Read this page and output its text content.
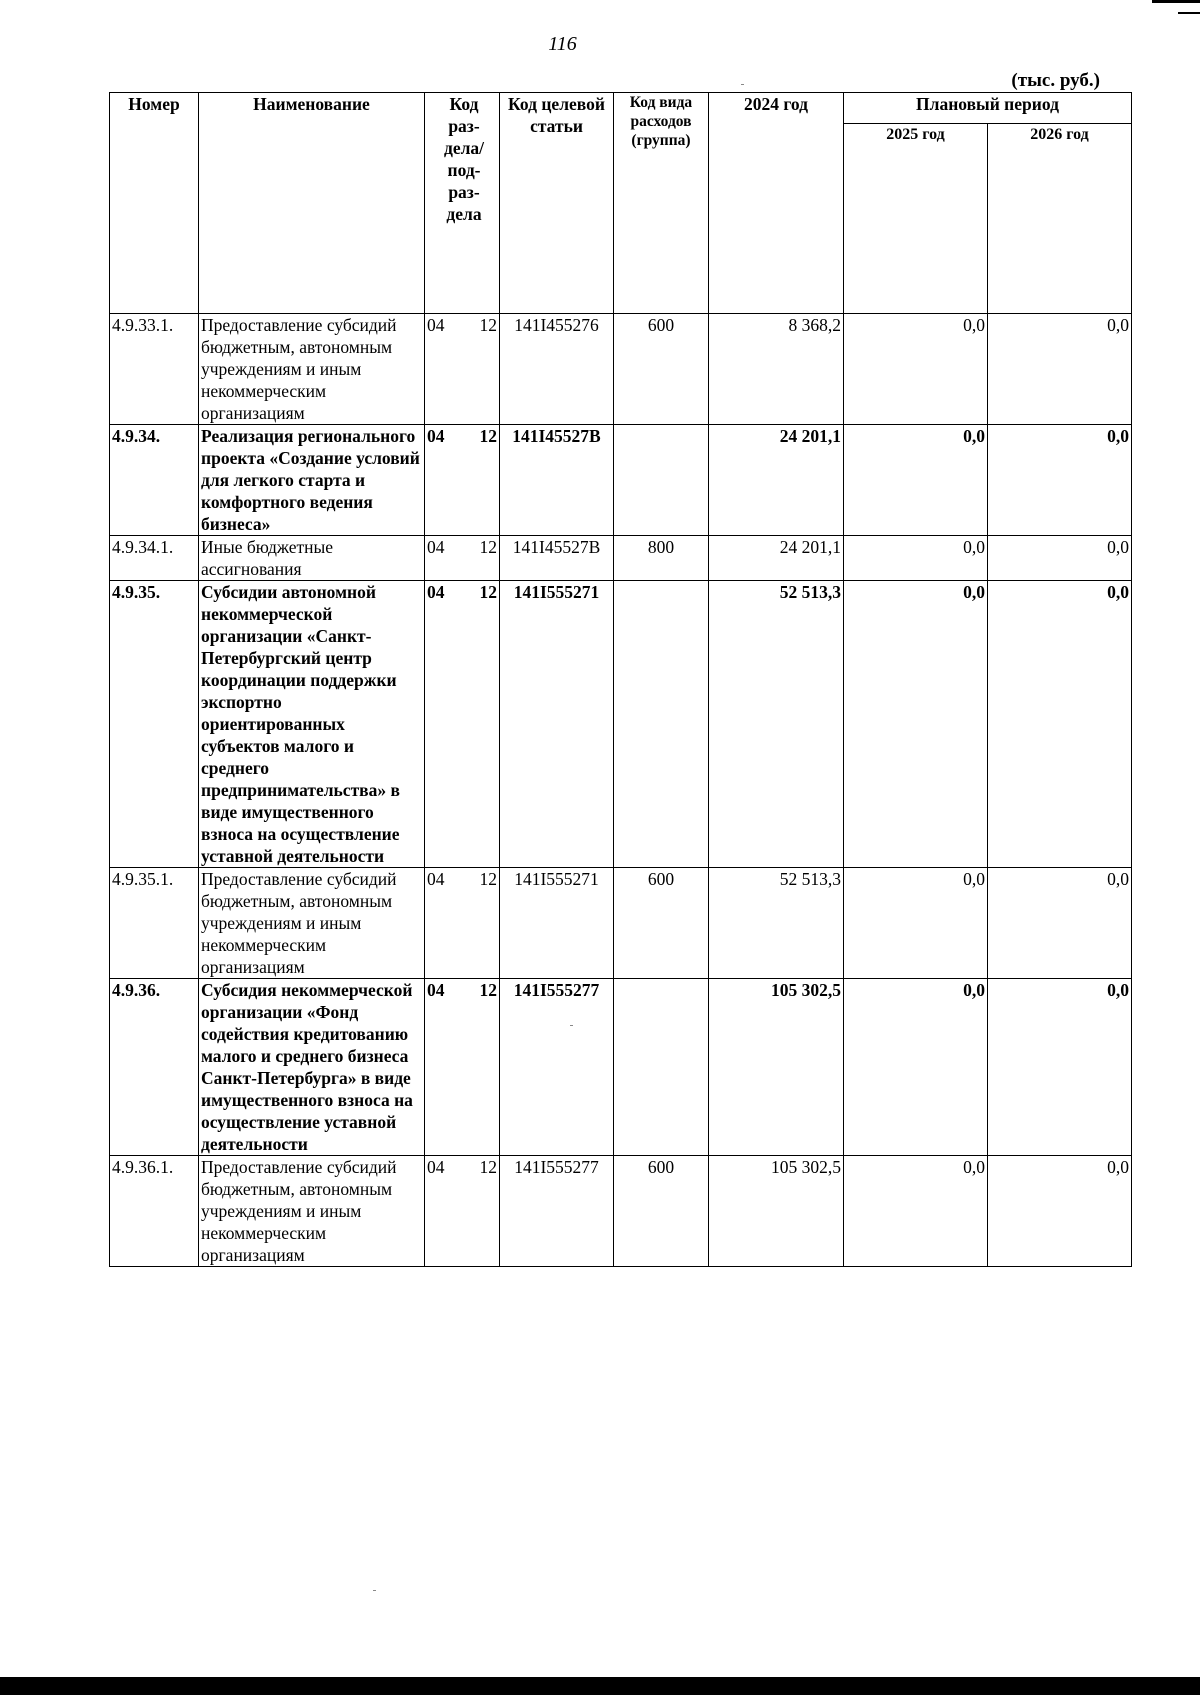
116
(тыс. руб.)
Номер	Наименование	Код раз- дела/ под- раз- дела	Код целевой статьи	Код вида расходов (группа)	2024 год	Плановый период	
						2025 год	2026 год
4.9.33.1.	Предоставление субсидий бюджетным, автономным учреждениям и иным некоммерческим организациям	04 12	141I455276	600	8 368,2	0,0	0,0
4.9.34.	Реализация регионального проекта «Создание условий для легкого старта и комфортного ведения бизнеса»	04 12	141I45527В		24 201,1	0,0	0,0
4.9.34.1.	Иные бюджетные ассигнования	04 12	141I45527В	800	24 201,1	0,0	0,0
4.9.35.	Субсидии автономной некоммерческой организации «Санкт-Петербургский центр координации поддержки экспортно ориентированных субъектов малого и среднего предпринимательства» в виде имущественного взноса на осуществление уставной деятельности	04 12	141I555271		52 513,3	0,0	0,0
4.9.35.1.	Предоставление субсидий бюджетным, автономным учреждениям и иным некоммерческим организациям	04 12	141I555271	600	52 513,3	0,0	0,0
4.9.36.	Субсидия некоммерческой организации «Фонд содействия кредитованию малого и среднего бизнеса Санкт-Петербурга» в виде имущественного взноса на осуществление уставной деятельности	04 12	141I555277		105 302,5	0,0	0,0
4.9.36.1.	Предоставление субсидий бюджетным, автономным учреждениям и иным некоммерческим организациям	04 12	141I555277	600	105 302,5	0,0	0,0
